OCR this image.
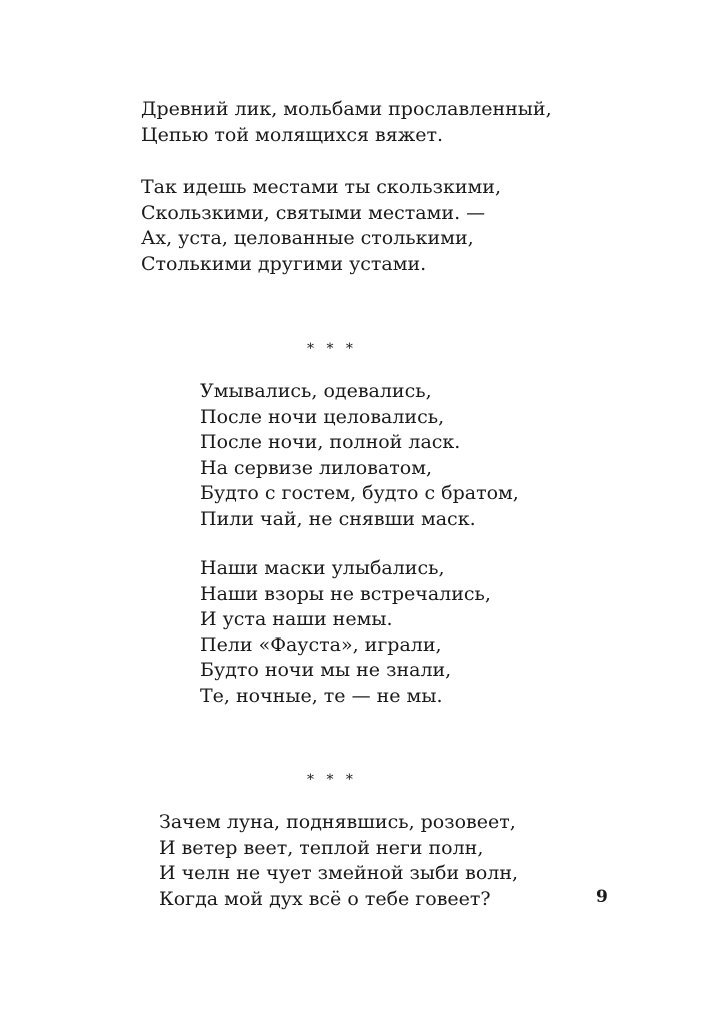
Древний лик, мольбами прославленный,
Цепью той молящихся вяжет.

Так идешь местами ты скользкими,
Скользкими, святыми местами. —
Ах, уста, целованные столькими,
Столькими другими устами.

* * *

Умывались, одевались,
После ночи целовались,
После ночи, полной ласк.
На сервизе лиловатом,
Будто с гостем, будто с братом,
Пили чай, не снявши маск.

Наши маски улыбались,
Наши взоры не встречались,
И уста наши немы.
Пели «Фауста», играли,
Будто ночи мы не знали,
Те, ночные, те — не мы.

* * *

Зачем луна, поднявшись, розовеет,
И ветер веет, теплой неги полн,
И челн не чует змейной зыби волн,
Когда мой дух всё о тебе говеет?	9
